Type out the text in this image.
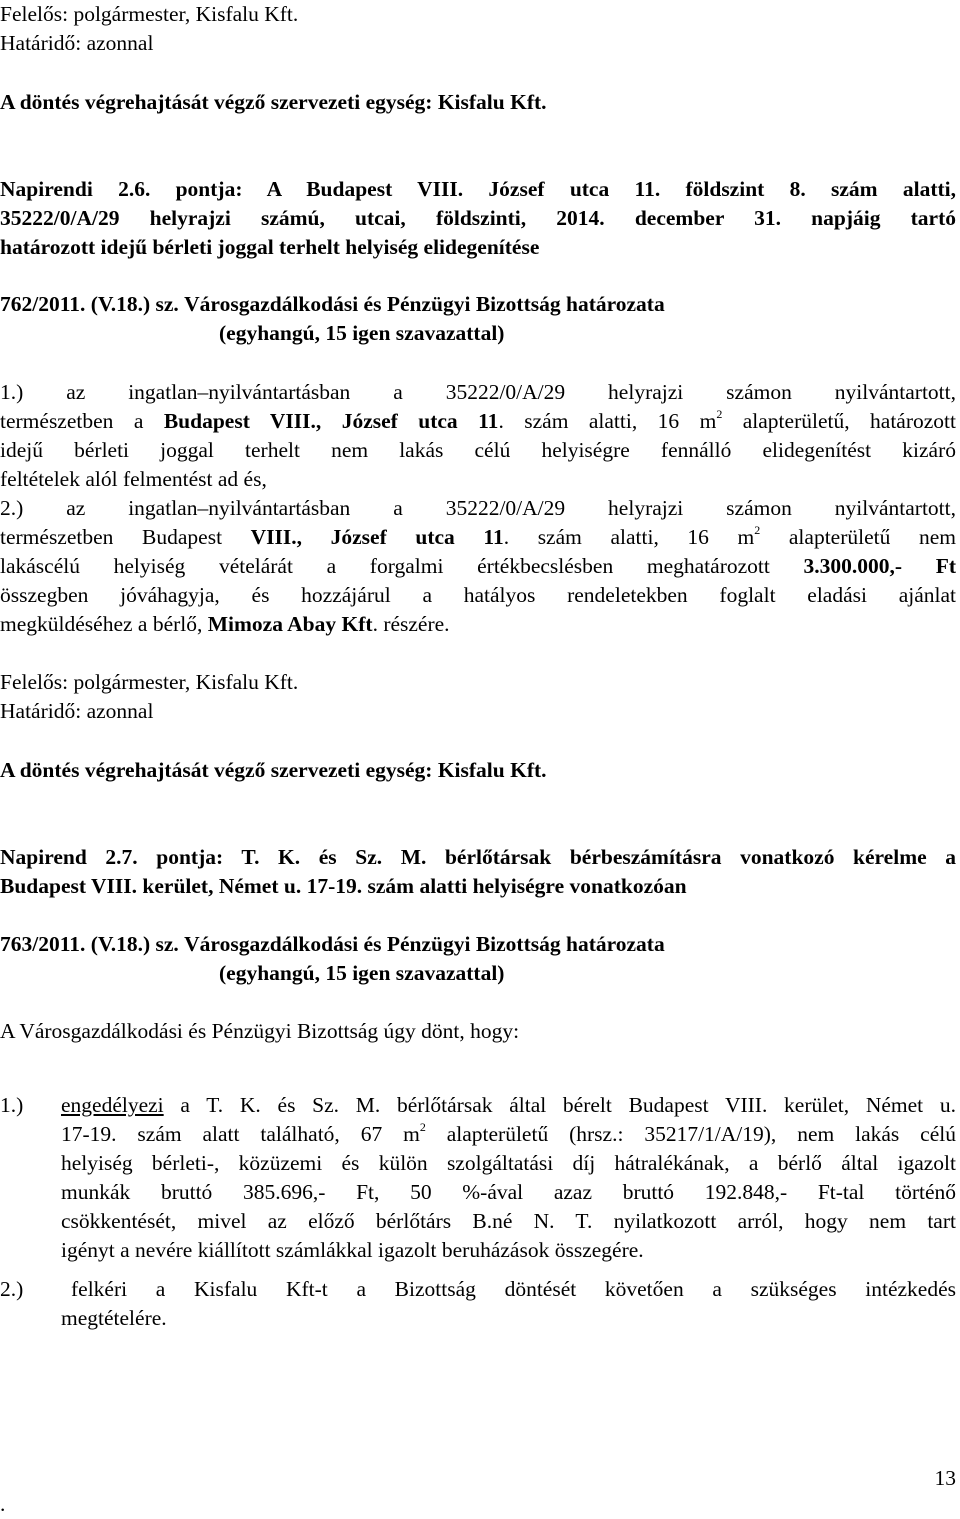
Felelős: polgármester, Kisfalu Kft.
Határidő: azonnal
A döntés végrehajtását végző szervezeti egység: Kisfalu Kft.
Napirendi 2.6. pontja: A Budapest VIII. József utca 11. földszint 8. szám alatti,
35222/0/A/29 helyrajzi számú, utcai, földszinti, 2014. december 31. napjáig tartó
határozott idejű bérleti joggal terhelt helyiség elidegenítése
762/2011. (V.18.) sz. Városgazdálkodási és Pénzügyi Bizottság határozata
(egyhangú, 15 igen szavazattal)
1.) az ingatlan–nyilvántartásban a 35222/0/A/29 helyrajzi számon nyilvántartott,
természetben a Budapest VIII., József utca 11. szám alatti, 16 $m^2$ alapterületű, határozott
idejű bérleti joggal terhelt nem lakás célú helyiségre fennálló elidegenítést kizáró
feltételek alól felmentést ad és,
2.) az ingatlan–nyilvántartásban a 35222/0/A/29 helyrajzi számon nyilvántartott,
természetben Budapest VIII., József utca 11. szám alatti, 16 $m^2$ alapterületű nem
lakáscélú helyiség vételárát a forgalmi értékbecslésben meghatározott 3.300.000,- Ft
összegben jóváhagyja, és hozzájárul a hatályos rendeletekben foglalt eladási ajánlat
megküldéséhez a bérlő, Mimoza Abay Kft. részére.
Felelős: polgármester, Kisfalu Kft.
Határidő: azonnal
A döntés végrehajtását végző szervezeti egység: Kisfalu Kft.
Napirend 2.7. pontja: T. K. és Sz. M. bérlőtársak bérbeszámításra vonatkozó kérelme a
Budapest VIII. kerület, Német u. 17-19. szám alatti helyiségre vonatkozóan
763/2011. (V.18.) sz. Városgazdálkodási és Pénzügyi Bizottság határozata
(egyhangú, 15 igen szavazattal)
A Városgazdálkodási és Pénzügyi Bizottság úgy dönt, hogy:
1.) engedélyezi a T. K. és Sz. M. bérlőtársak által bérelt Budapest VIII. kerület, Német u.
17-19. szám alatt található, 67 $m^2$ alapterületű (hrsz.: 35217/1/A/19), nem lakás célú
helyiség bérleti-, közüzemi és külön szolgáltatási díj hátralékának, a bérlő által igazolt
munkák bruttó 385.696,- Ft, 50 %-ával azaz bruttó 192.848,- Ft-tal történő
csökkentését, mivel az előző bérlőtárs B.né N. T. nyilatkozott arról, hogy nem tart
igényt a nevére kiállított számlákkal igazolt beruházások összegére.
2.)	felkéri a Kisfalu Kft-t a Bizottság döntését követően a szükséges intézkedés
megtételére.
13
.
